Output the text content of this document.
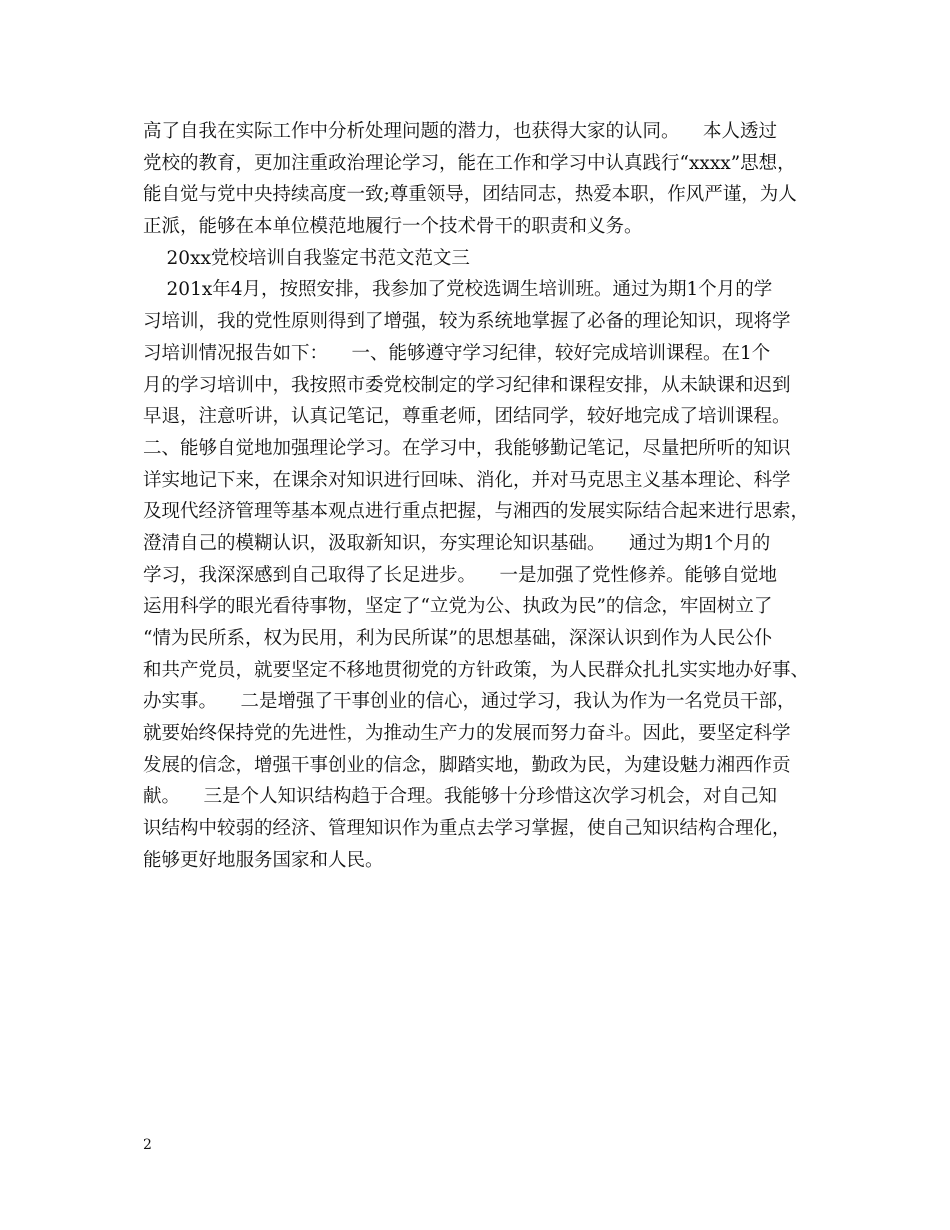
高了自我在实际工作中分析处理问题的潜力，也获得大家的认同。    本人透过
党校的教育，更加注重政治理论学习，能在工作和学习中认真践行“xxxx”思想，
能自觉与党中央持续高度一致;尊重领导，团结同志，热爱本职，作风严谨，为人
正派，能够在本单位模范地履行一个技术骨干的职责和义务。
20xx党校培训自我鉴定书范文范文三
201x年4月，按照安排，我参加了党校选调生培训班。通过为期1个月的学
习培训，我的党性原则得到了增强，较为系统地掌握了必备的理论知识，现将学
习培训情况报告如下：    一、能够遵守学习纪律，较好完成培训课程。在1个
月的学习培训中，我按照市委党校制定的学习纪律和课程安排，从未缺课和迟到
早退，注意听讲，认真记笔记，尊重老师，团结同学，较好地完成了培训课程。
二、能够自觉地加强理论学习。在学习中，我能够勤记笔记，尽量把所听的知识
详实地记下来，在课余对知识进行回味、消化，并对马克思主义基本理论、科学
及现代经济管理等基本观点进行重点把握，与湘西的发展实际结合起来进行思索，
澄清自己的模糊认识，汲取新知识，夯实理论知识基础。    通过为期1个月的
学习，我深深感到自己取得了长足进步。    一是加强了党性修养。能够自觉地
运用科学的眼光看待事物，坚定了“立党为公、执政为民”的信念，牢固树立了
“情为民所系，权为民用，利为民所谋”的思想基础，深深认识到作为人民公仆
和共产党员，就要坚定不移地贯彻党的方针政策，为人民群众扎扎实实地办好事、
办实事。    二是增强了干事创业的信心，通过学习，我认为作为一名党员干部，
就要始终保持党的先进性，为推动生产力的发展而努力奋斗。因此，要坚定科学
发展的信念，增强干事创业的信念，脚踏实地，勤政为民，为建设魅力湘西作贡
献。    三是个人知识结构趋于合理。我能够十分珍惜这次学习机会，对自己知
识结构中较弱的经济、管理知识作为重点去学习掌握，使自己知识结构合理化，
能够更好地服务国家和人民。
2
